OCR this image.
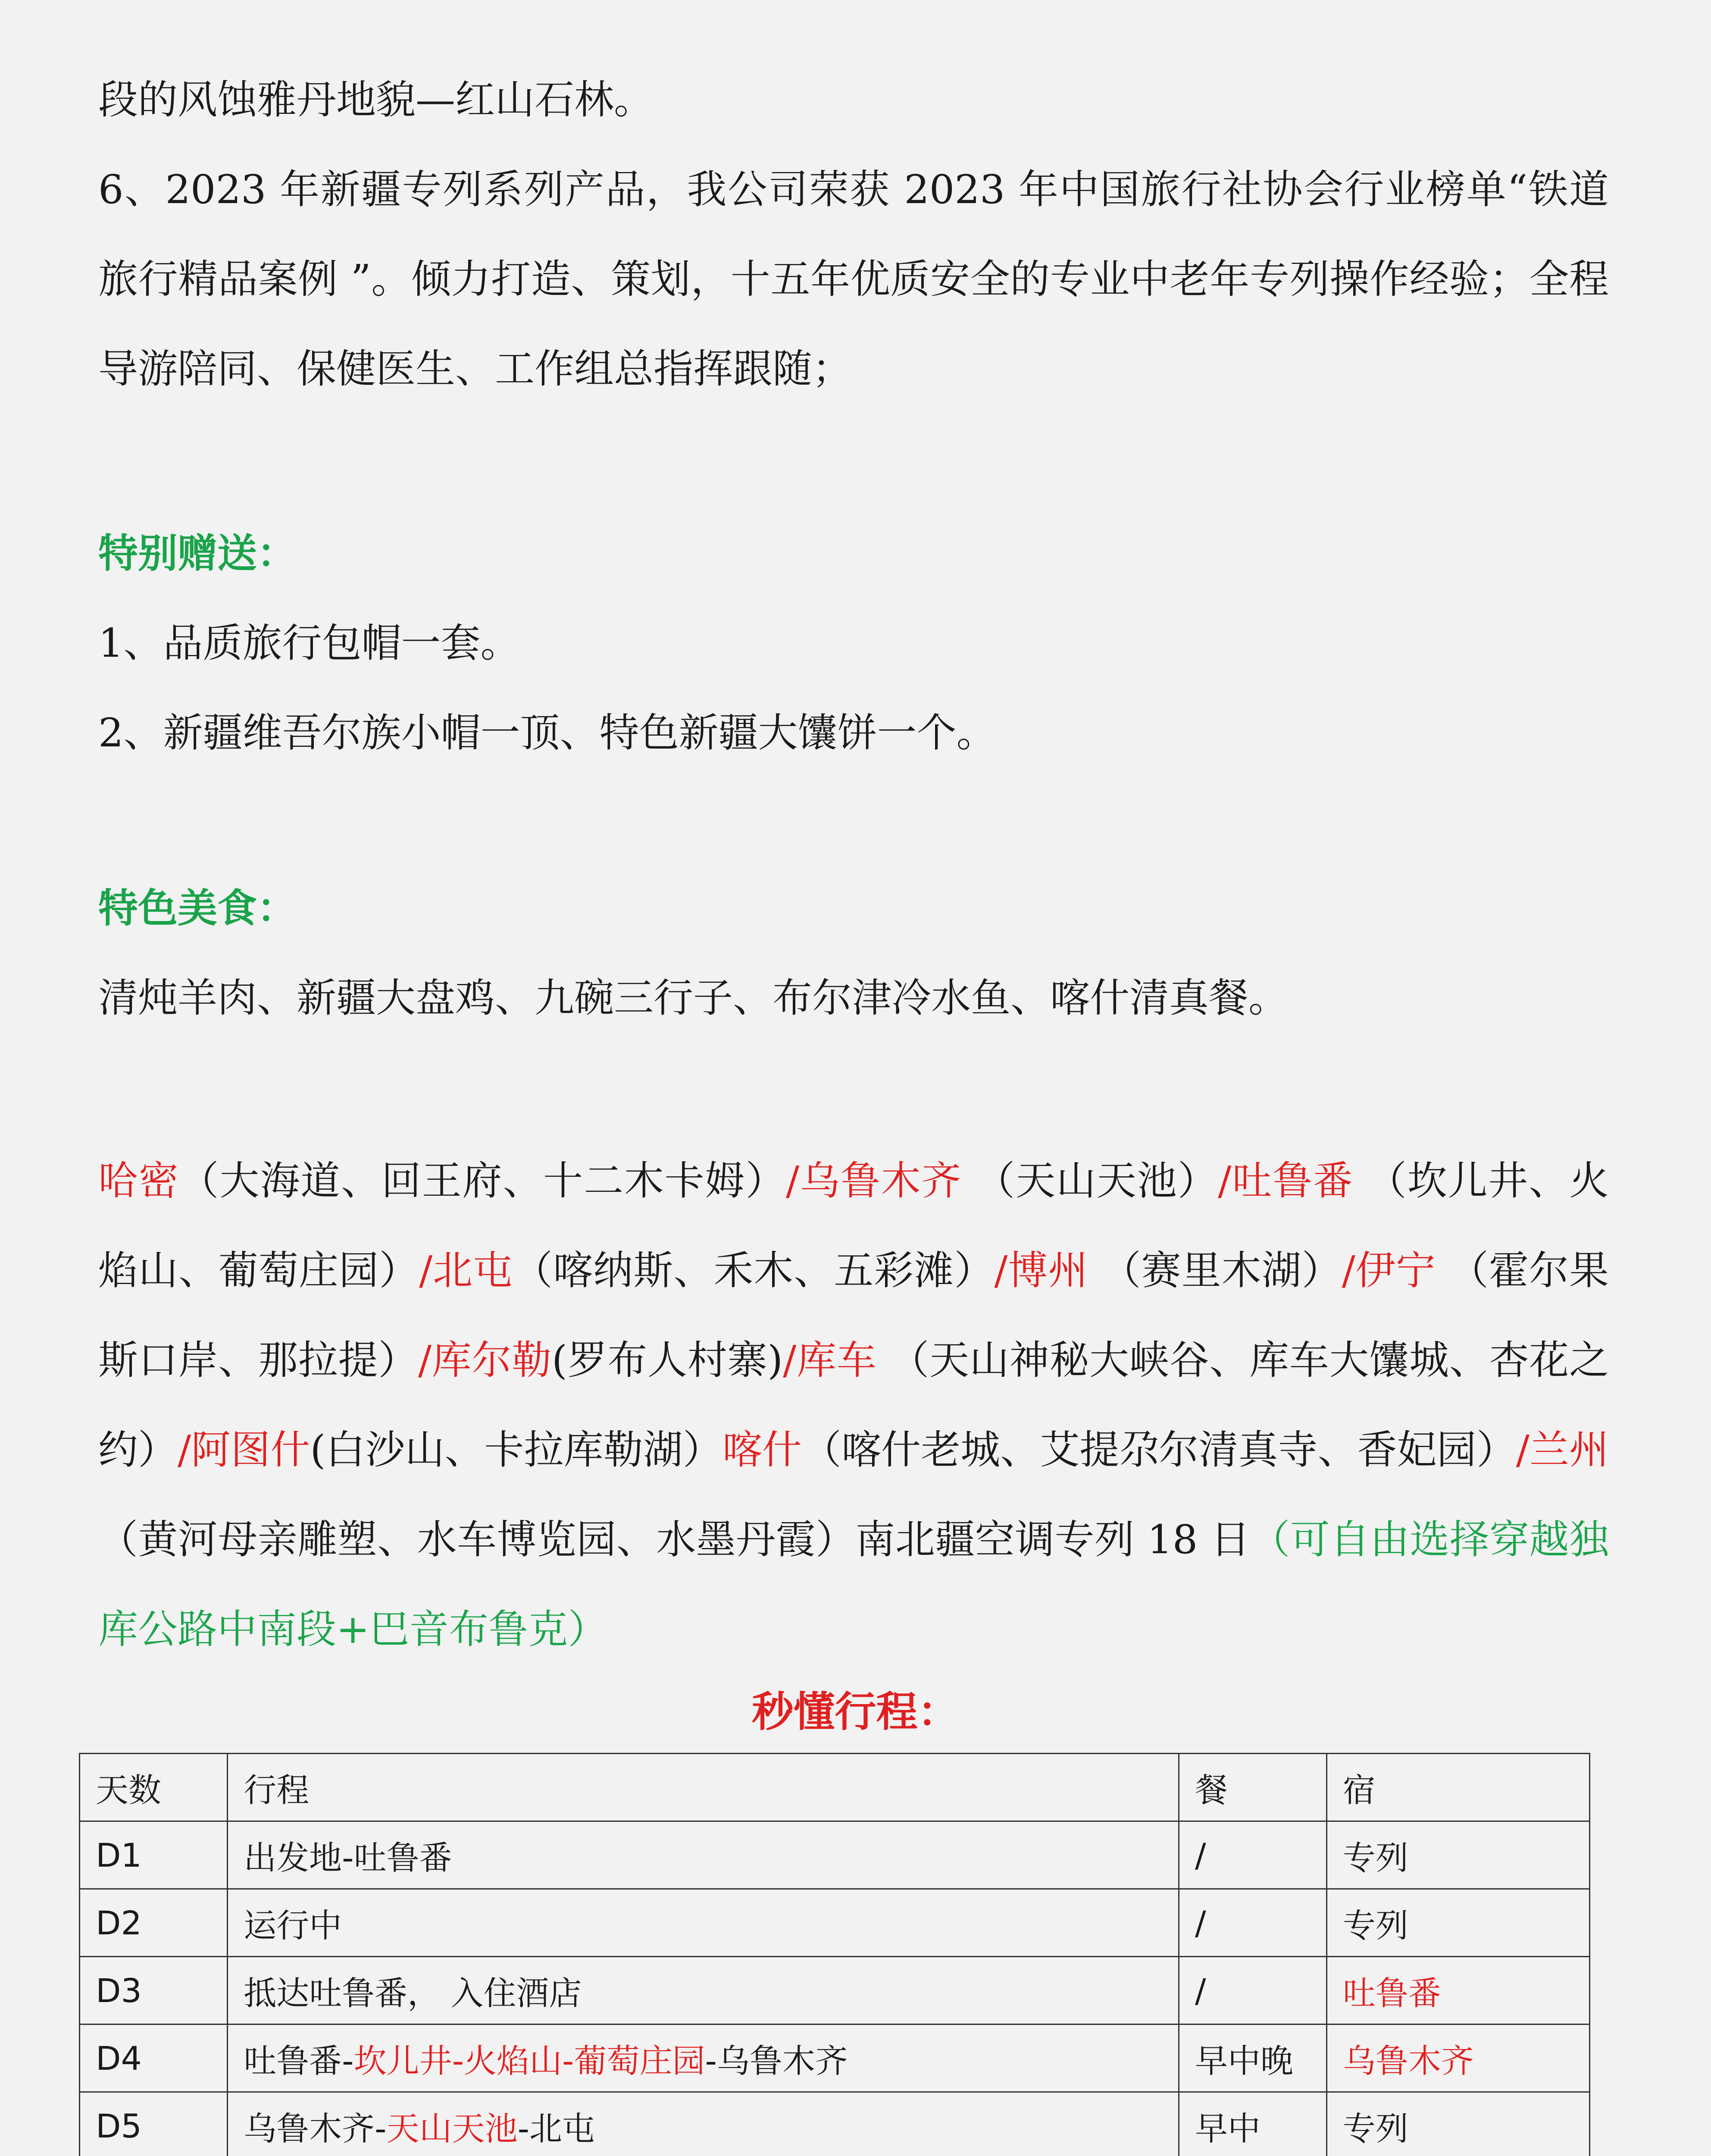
段的风蚀雅丹地貌—红山石林。

6、2023 年新疆专列系列产品，我公司荣获 2023 年中国旅行社协会行业榜单“铁道旅行精品案例 ”。倾力打造、策划，十五年优质安全的专业中老年专列操作经验；全程导游陪同、保健医生、工作组总指挥跟随；

特别赠送：

1、品质旅行包帽一套。

2、新疆维吾尔族小帽一顶、特色新疆大馕饼一个。

特色美食：

清炖羊肉、新疆大盘鸡、九碗三行子、布尔津冷水鱼、喀什清真餐。

哈密（大海道、回王府、十二木卡姆）/乌鲁木齐 （天山天池）/吐鲁番 （坎儿井、火焰山、葡萄庄园）/北屯（喀纳斯、禾木、五彩滩）/博州 （赛里木湖）/伊宁 （霍尔果斯口岸、那拉提）/库尔勒(罗布人村寨)/库车 （天山神秘大峡谷、库车大馕城、杏花之约）/阿图什(白沙山、卡拉库勒湖）喀什（喀什老城、艾提尕尔清真寺、香妃园）/兰州（黄河母亲雕塑、水车博览园、水墨丹霞）南北疆空调专列 18 日（可自由选择穿越独库公路中南段+巴音布鲁克）

秒懂行程：
天数	行程	餐	宿
D1	出发地-吐鲁番	/	专列
D2	运行中	/	专列
D3	抵达吐鲁番， 入住酒店	/	吐鲁番
D4	吐鲁番-坎儿井-火焰山-葡萄庄园-乌鲁木齐	早中晚	乌鲁木齐
D5	乌鲁木齐-天山天池-北屯	早中	专列
